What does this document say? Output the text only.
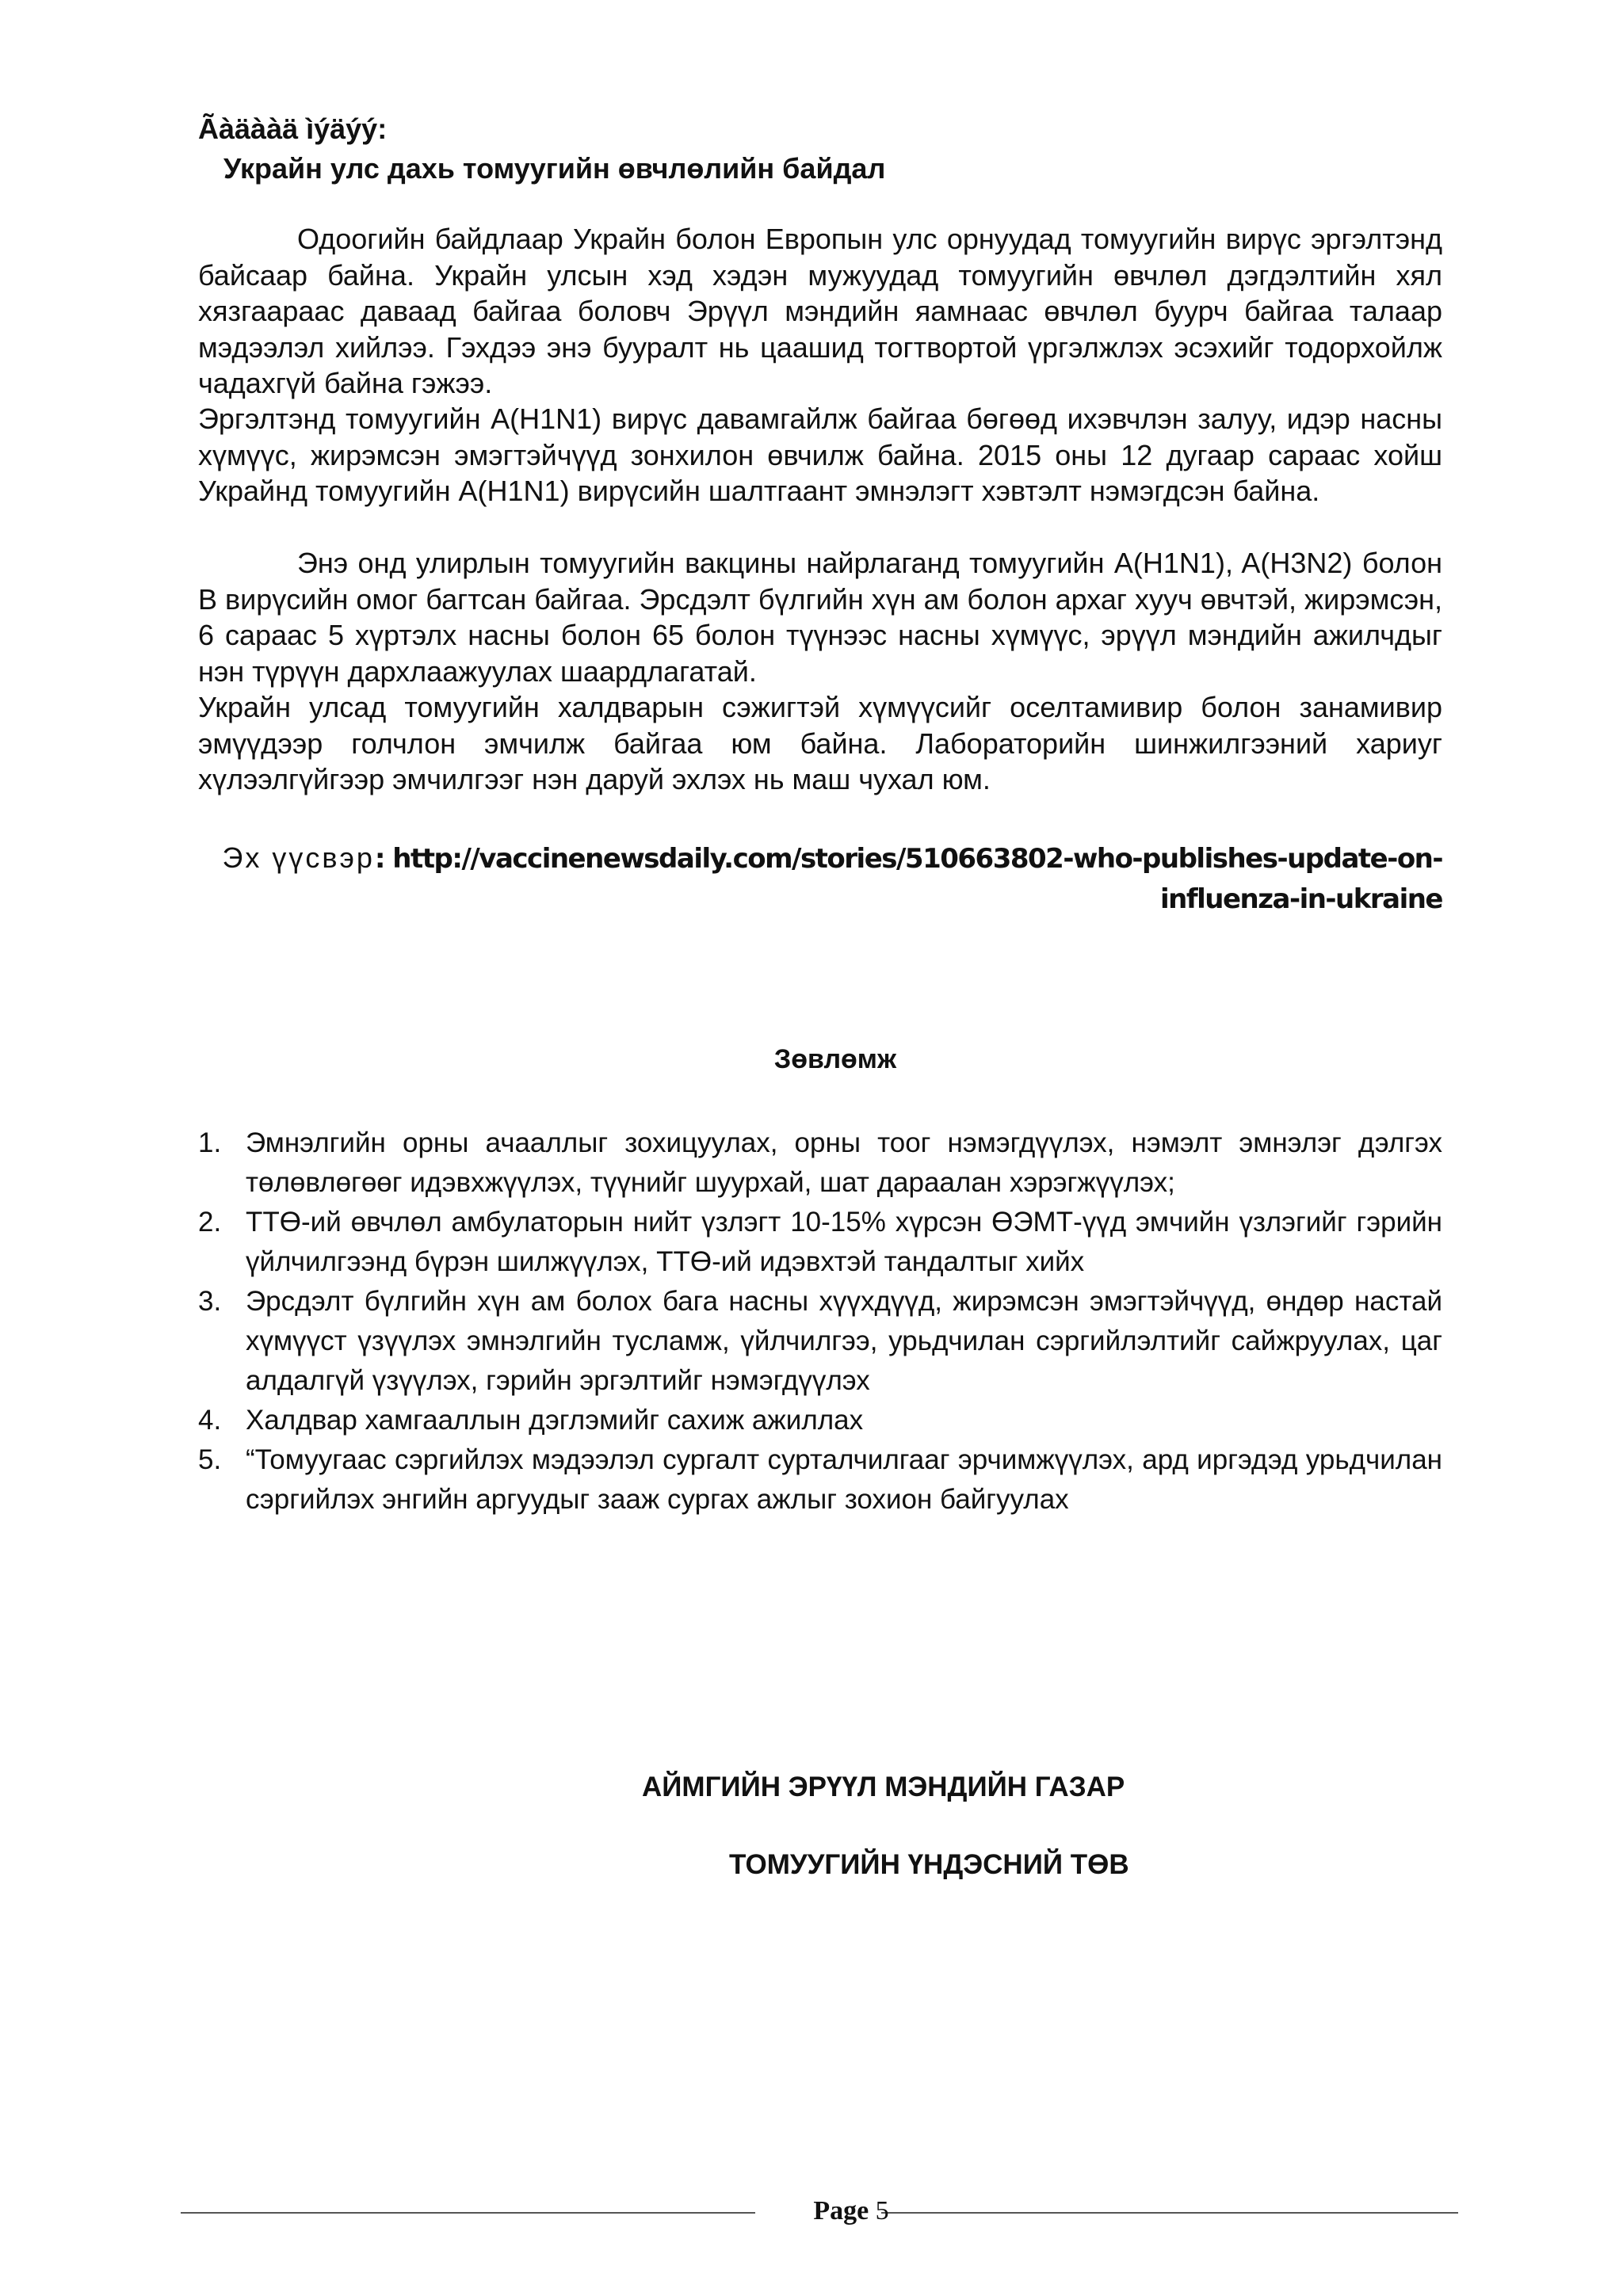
Ãàäààä ìýäýý:
Украйн улс дахь томуугийн өвчлөлийн байдал

Одоогийн байдлаар Украйн болон Европын улс орнуудад томуугийн вирүс эргэлтэнд байсаар байна. Украйн улсын хэд хэдэн мужуудад томуугийн өвчлөл дэгдэлтийн хял хязгаараас даваад байгаа боловч Эрүүл мэндийн яамнаас өвчлөл буурч байгаа талаар мэдээлэл хийлээ. Гэхдээ энэ бууралт нь цаашид тогтвортой үргэлжлэх эсэхийг тодорхойлж чадахгүй байна гэжээ.

Эргэлтэнд томуугийн A(H1N1) вирүс давамгайлж байгаа бөгөөд ихэвчлэн залуу, идэр насны хүмүүс, жирэмсэн эмэгтэйчүүд зонхилон өвчилж байна. 2015 оны 12 дугаар сараас хойш Украйнд томуугийн A(H1N1) вирүсийн шалтгаант эмнэлэгт хэвтэлт нэмэгдсэн байна.

Энэ онд улирлын томуугийн вакцины найрлаганд томуугийн A(H1N1), A(H3N2) болон B вирүсийн омог багтсан байгаа. Эрсдэлт бүлгийн хүн ам болон архаг хууч өвчтэй, жирэмсэн, 6 сараас 5 хүртэлх насны болон 65 болон түүнээс насны хүмүүс, эрүүл мэндийн ажилчдыг нэн түрүүн дархлаажуулах шаардлагатай.

Украйн улсад томуугийн халдварын сэжигтэй хүмүүсийг оселтамивир болон занамивир эмүүдээр голчлон эмчилж байгаа юм байна. Лабораторийн шинжилгээний хариуг хүлээлгүйгээр эмчилгээг нэн даруй эхлэх нь маш чухал юм.

Эх үүсвэр: http://vaccinenewsdaily.com/stories/510663802-who-publishes-update-on-
influenza-in-ukraine
Зөвлөмж
1. Эмнэлгийн орны ачааллыг зохицуулах, орны тоог нэмэгдүүлэх, нэмэлт эмнэлэг дэлгэх төлөвлөгөөг идэвхжүүлэх, түүнийг шуурхай, шат дараалан хэрэгжүүлэх;
2. ТТӨ-ий өвчлөл амбулаторын нийт үзлэгт 10-15% хүрсэн ӨЭМТ-үүд эмчийн үзлэгийг гэрийн үйлчилгээнд бүрэн шилжүүлэх, ТТӨ-ий идэвхтэй тандалтыг хийх
3. Эрсдэлт бүлгийн хүн ам болох бага насны хүүхдүүд, жирэмсэн эмэгтэйчүүд, өндөр настай хүмүүст үзүүлэх эмнэлгийн тусламж, үйлчилгээ, урьдчилан сэргийлэлтийг сайжруулах, цаг алдалгүй үзүүлэх, гэрийн эргэлтийг нэмэгдүүлэх
4. Халдвар хамгааллын дэглэмийг сахиж ажиллах
5. “Томуугаас сэргийлэх мэдээлэл сургалт сурталчилгааг эрчимжүүлэх, ард иргэдэд урьдчилан сэргийлэх энгийн аргуудыг зааж сургах ажлыг зохион байгуулах
АЙМГИЙН ЭРҮҮЛ МЭНДИЙН ГАЗАР
ТОМУУГИЙН ҮНДЭСНИЙ ТӨВ
Page 5
